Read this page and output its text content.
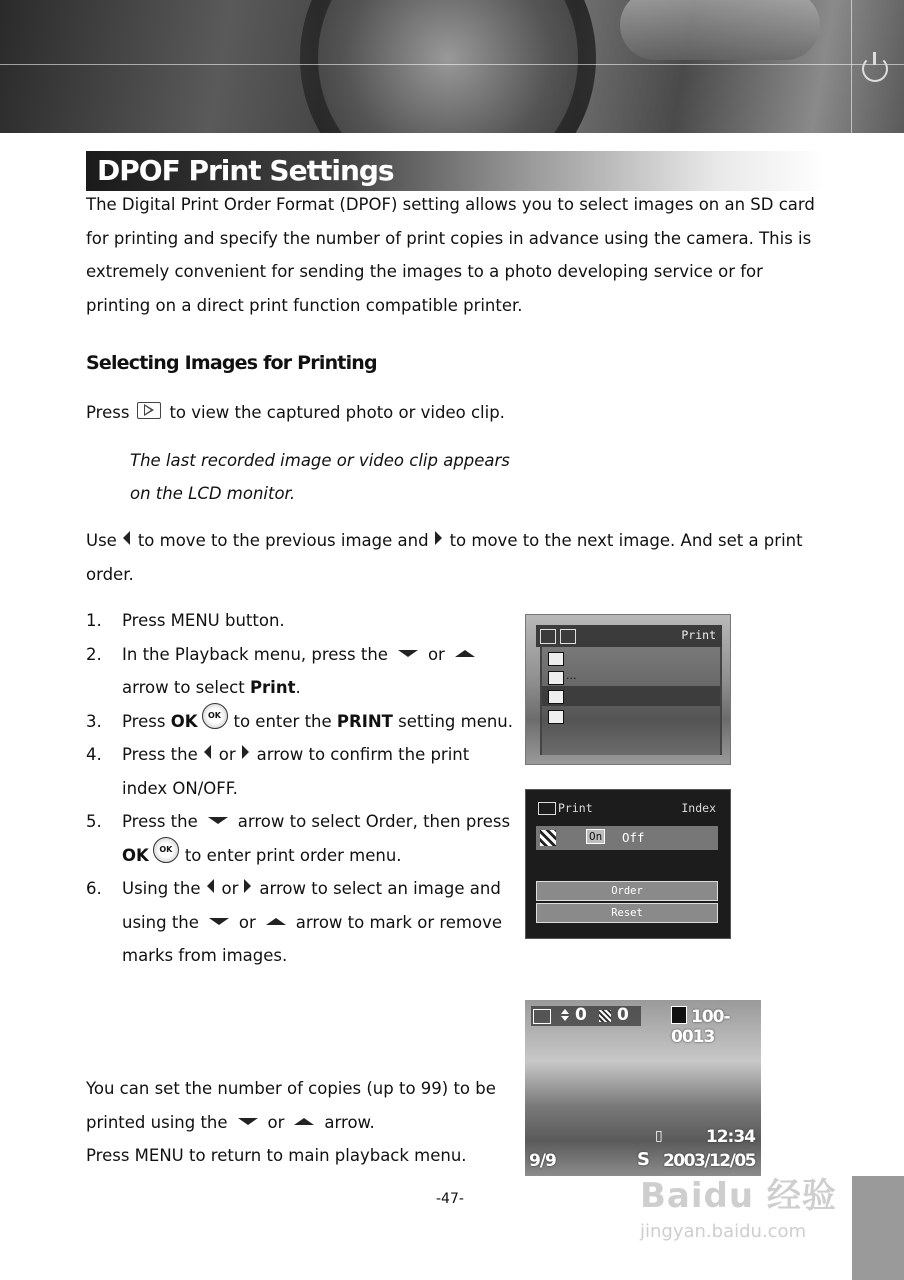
DPOF Print Settings
The Digital Print Order Format (DPOF) setting allows you to select images on an SD card for printing and specify the number of print copies in advance using the camera. This is extremely convenient for sending the images to a photo developing service or for printing on a direct print function compatible printer.
Selecting Images for Printing
Press to view the captured photo or video clip.
The last recorded image or video clip appears
on the LCD monitor.
Use to move to the previous image and to move to the next image. And set a print order.
1.	Press MENU button.
2.	In the Playback menu, press the or
arrow to select Print.
3.	Press OK OK to enter the PRINT setting menu.
4.	Press the or arrow to confirm the print index ON/OFF.
5.	Press the arrow to select Order, then press OK OK to enter print order menu.
6.	Using the or arrow to select an image and using the or arrow to mark or remove marks from images.
You can set the number of copies (up to 99) to be printed using the or arrow.
Press MENU to return to main playback menu.
Print
...
Print	Index
On Off
Order
Reset
0 0	100-0013
▯	12:34
9/9	S 2003/12/05
-47-	Baidu 经验
jingyan.baidu.com
